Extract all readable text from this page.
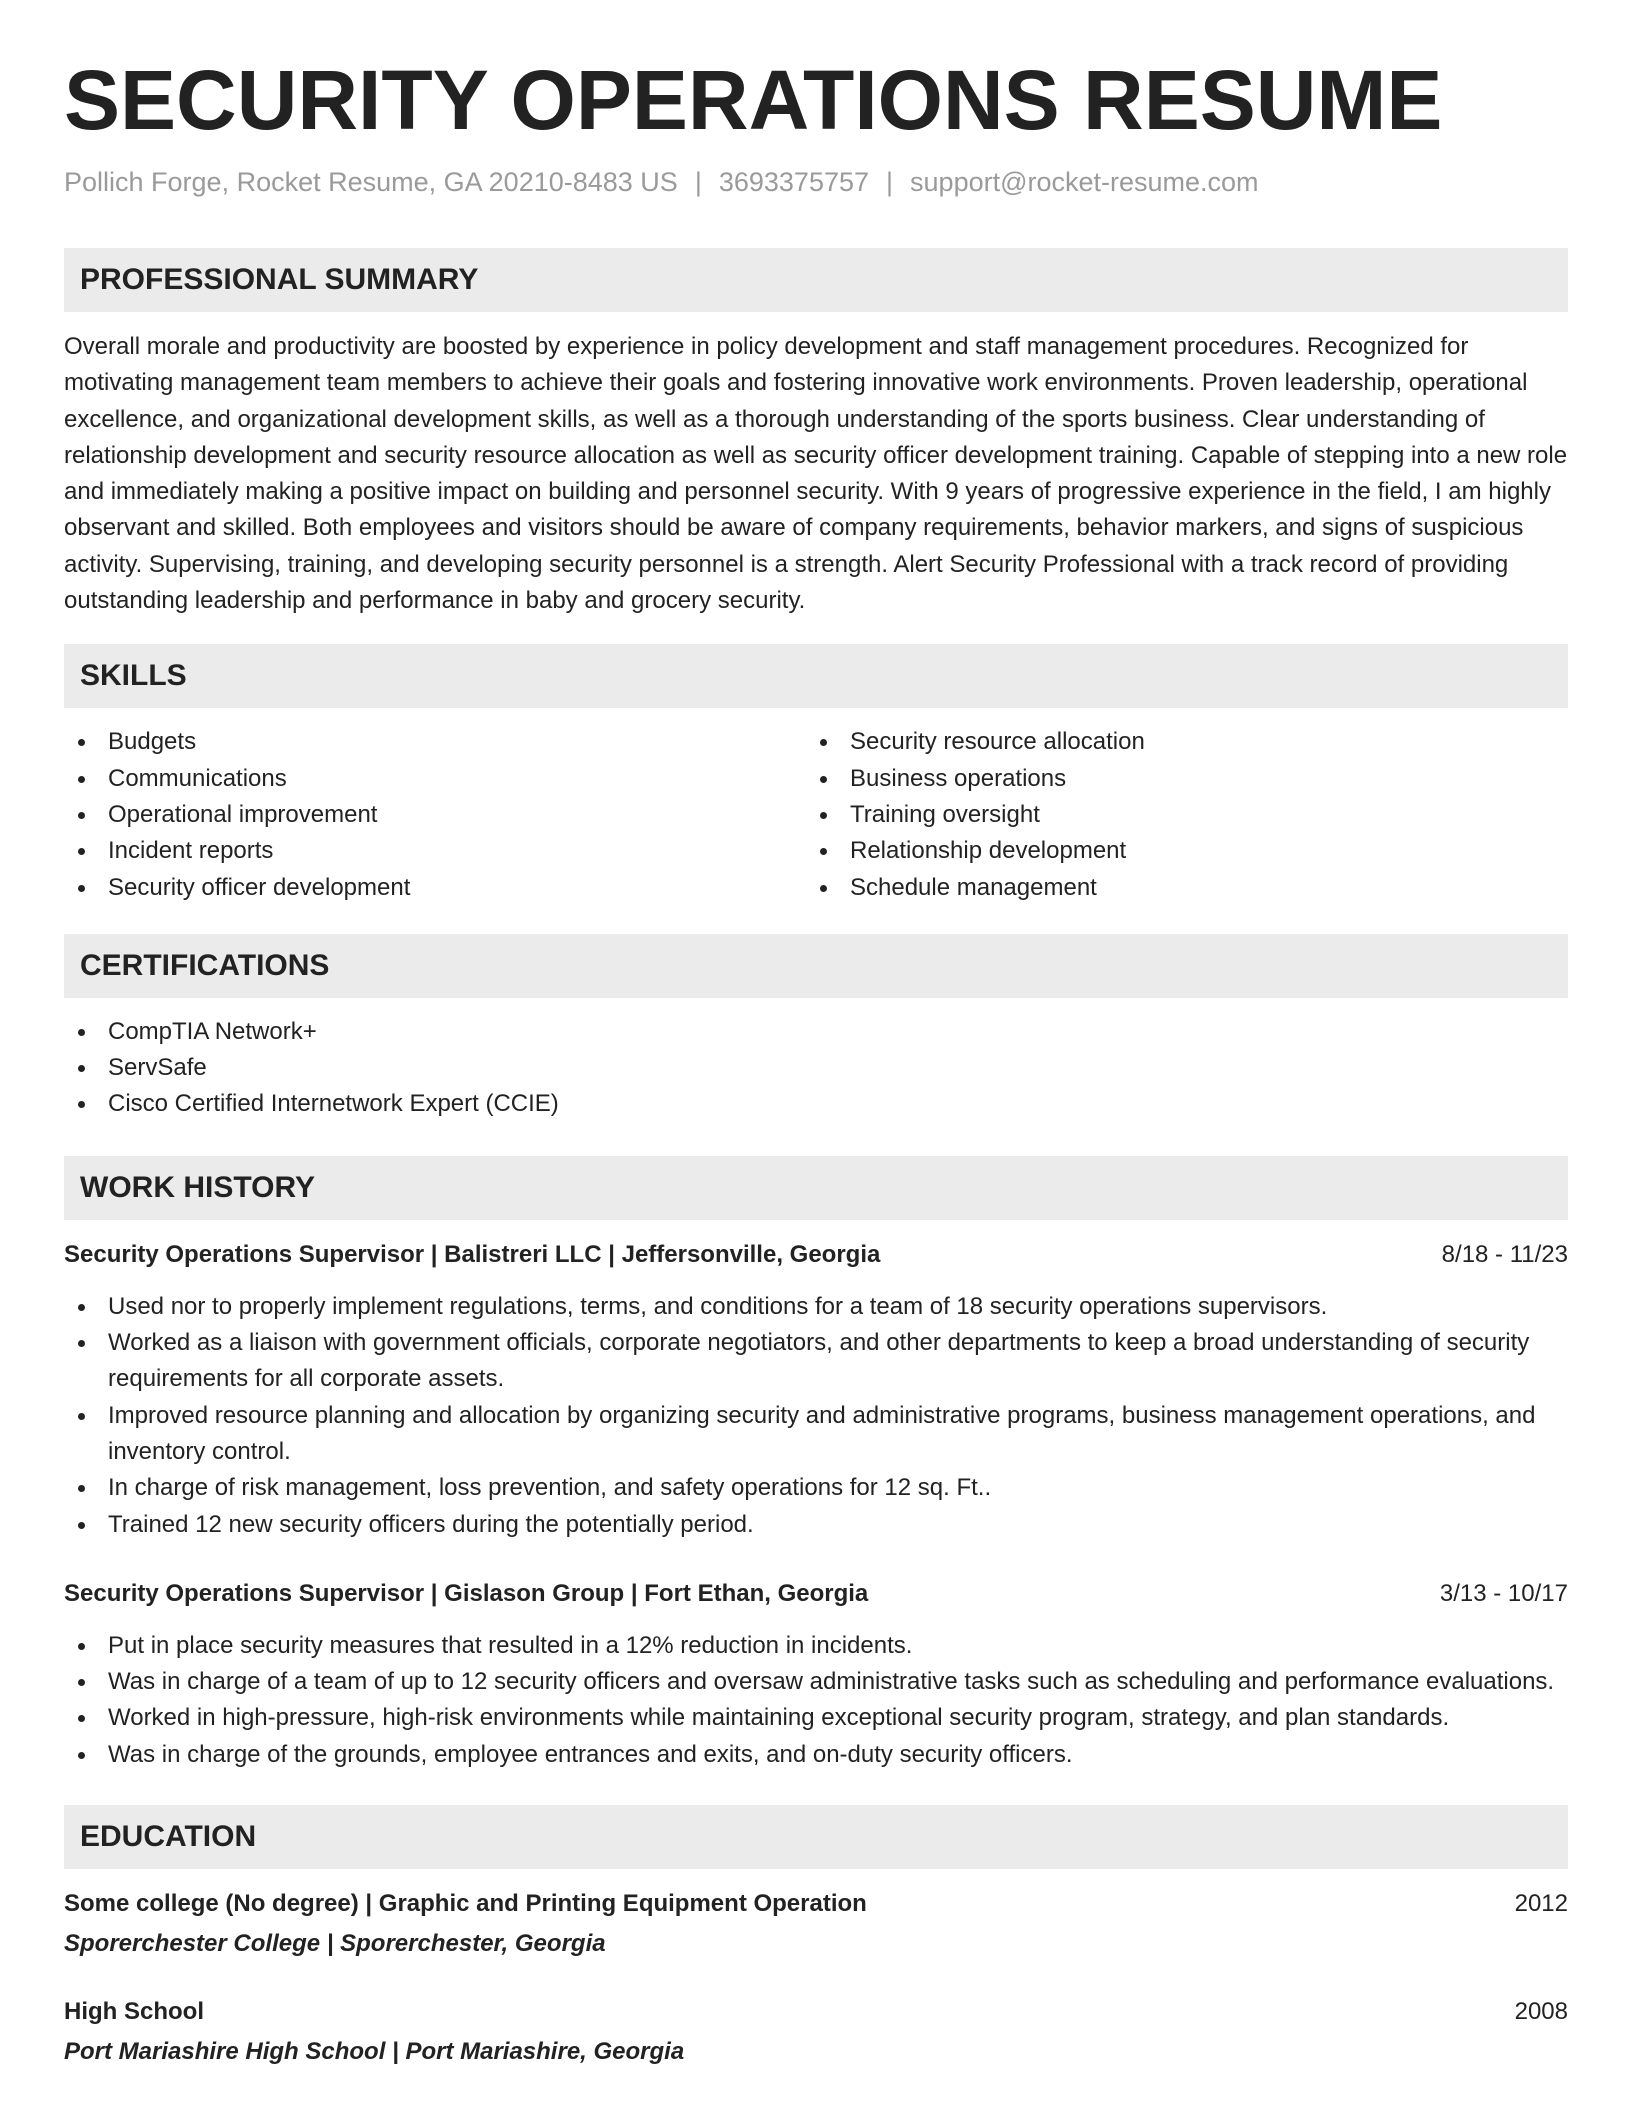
SECURITY OPERATIONS RESUME
Pollich Forge, Rocket Resume, GA 20210-8483 US | 3693375757 | support@rocket-resume.com
PROFESSIONAL SUMMARY

Overall morale and productivity are boosted by experience in policy development and staff management procedures. Recognized for motivating management team members to achieve their goals and fostering innovative work environments. Proven leadership, operational excellence, and organizational development skills, as well as a thorough understanding of the sports business. Clear understanding of relationship development and security resource allocation as well as security officer development training. Capable of stepping into a new role and immediately making a positive impact on building and personnel security. With 9 years of progressive experience in the field, I am highly observant and skilled. Both employees and visitors should be aware of company requirements, behavior markers, and signs of suspicious activity. Supervising, training, and developing security personnel is a strength. Alert Security Professional with a track record of providing outstanding leadership and performance in baby and grocery security.

SKILLS
Budgets
Communications
Operational improvement
Incident reports
Security officer development
Security resource allocation
Business operations
Training oversight
Relationship development
Schedule management
CERTIFICATIONS
CompTIA Network+
ServSafe
Cisco Certified Internetwork Expert (CCIE)
WORK HISTORY
Security Operations Supervisor | Balistreri LLC | Jeffersonville, Georgia	8/18 - 11/23
Used nor to properly implement regulations, terms, and conditions for a team of 18 security operations supervisors.
Worked as a liaison with government officials, corporate negotiators, and other departments to keep a broad understanding of security requirements for all corporate assets.
Improved resource planning and allocation by organizing security and administrative programs, business management operations, and inventory control.
In charge of risk management, loss prevention, and safety operations for 12 sq. Ft..
Trained 12 new security officers during the potentially period.
Security Operations Supervisor | Gislason Group | Fort Ethan, Georgia	3/13 - 10/17
Put in place security measures that resulted in a 12% reduction in incidents.
Was in charge of a team of up to 12 security officers and oversaw administrative tasks such as scheduling and performance evaluations.
Worked in high-pressure, high-risk environments while maintaining exceptional security program, strategy, and plan standards.
Was in charge of the grounds, employee entrances and exits, and on-duty security officers.
EDUCATION
Some college (No degree) | Graphic and Printing Equipment Operation	2012
Sporerchester College | Sporerchester, Georgia
High School	2008
Port Mariashire High School | Port Mariashire, Georgia
